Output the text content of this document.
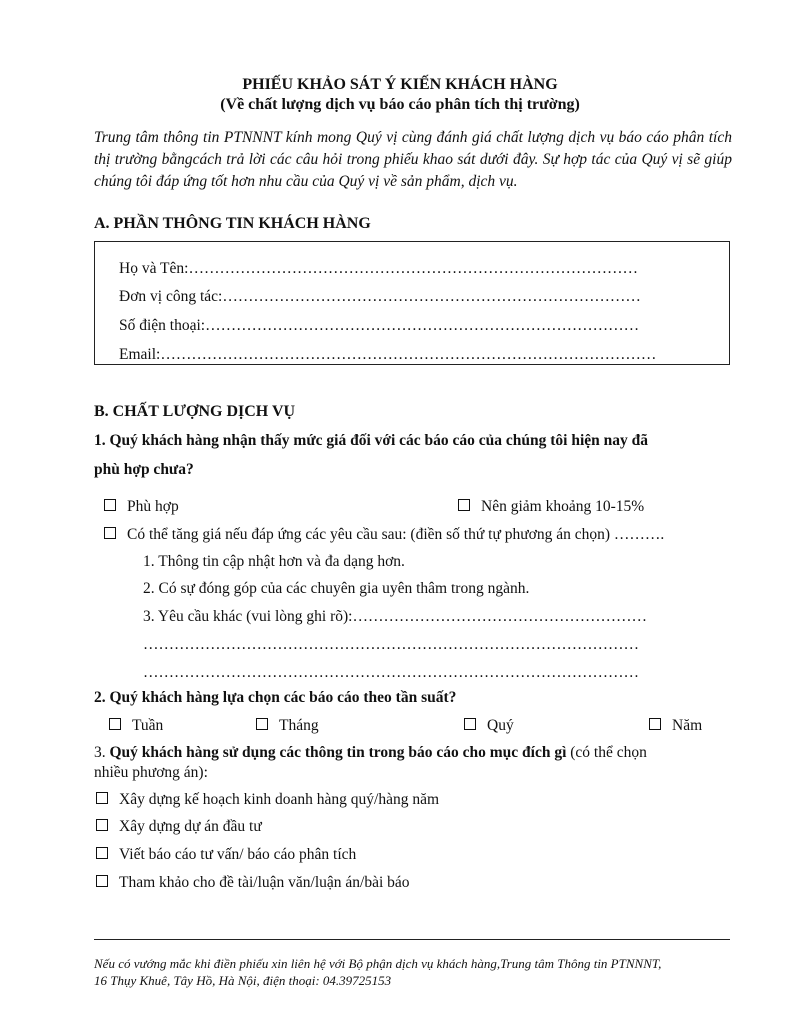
PHIẾU KHẢO SÁT Ý KIẾN KHÁCH HÀNG
(Về chất lượng dịch vụ báo cáo phân tích thị trường)
Trung tâm thông tin PTNNNT kính mong Quý vị cùng đánh giá chất lượng dịch vụ báo cáo phân tích thị trường bằngcách trả lời các câu hỏi trong phiếu khao sát dưới đây. Sự hợp tác của Quý vị sẽ giúp chúng tôi đáp ứng tốt hơn nhu cầu của Quý vị về sản phẩm, dịch vụ.
A. PHẦN THÔNG TIN KHÁCH HÀNG
Họ và Tên:……………………………………………………………………………
Đơn vị công tác:………………………………………………………………………
Số điện thoại:…………………………………………………………………………
Email:……………………………………………………………………………………
B. CHẤT LƯỢNG DỊCH VỤ
1. Quý khách hàng nhận thấy mức giá đối với các báo cáo của chúng tôi hiện nay đã
phù hợp chưa?
Phù hợp	Nên giảm khoảng 10-15%
Có thể tăng giá nếu đáp ứng các yêu cầu sau: (điền số thứ tự phương án chọn) ……….
1. Thông tin cập nhật hơn và đa dạng hơn.
2. Có sự đóng góp của các chuyên gia uyên thâm trong ngành.
3. Yêu cầu khác (vui lòng ghi rõ):…………………………………………………
……………………………………………………………………………………
……………………………………………………………………………………
2. Quý khách hàng lựa chọn các báo cáo theo tần suất?
Tuần	Tháng	Quý	Năm
3. Quý khách hàng sử dụng các thông tin trong báo cáo cho mục đích gì (có thể chọn
nhiều phương án):
Xây dựng kế hoạch kinh doanh hàng quý/hàng năm
Xây dựng dự án đầu tư
Viết báo cáo tư vấn/ báo cáo phân tích
Tham khảo cho đề tài/luận văn/luận án/bài báo
Nếu có vướng mắc khi điền phiếu xin liên hệ với Bộ phận dịch vụ khách hàng,Trung tâm Thông tin PTNNNT,
16 Thụy Khuê, Tây Hồ, Hà Nội, điện thoại: 04.39725153
